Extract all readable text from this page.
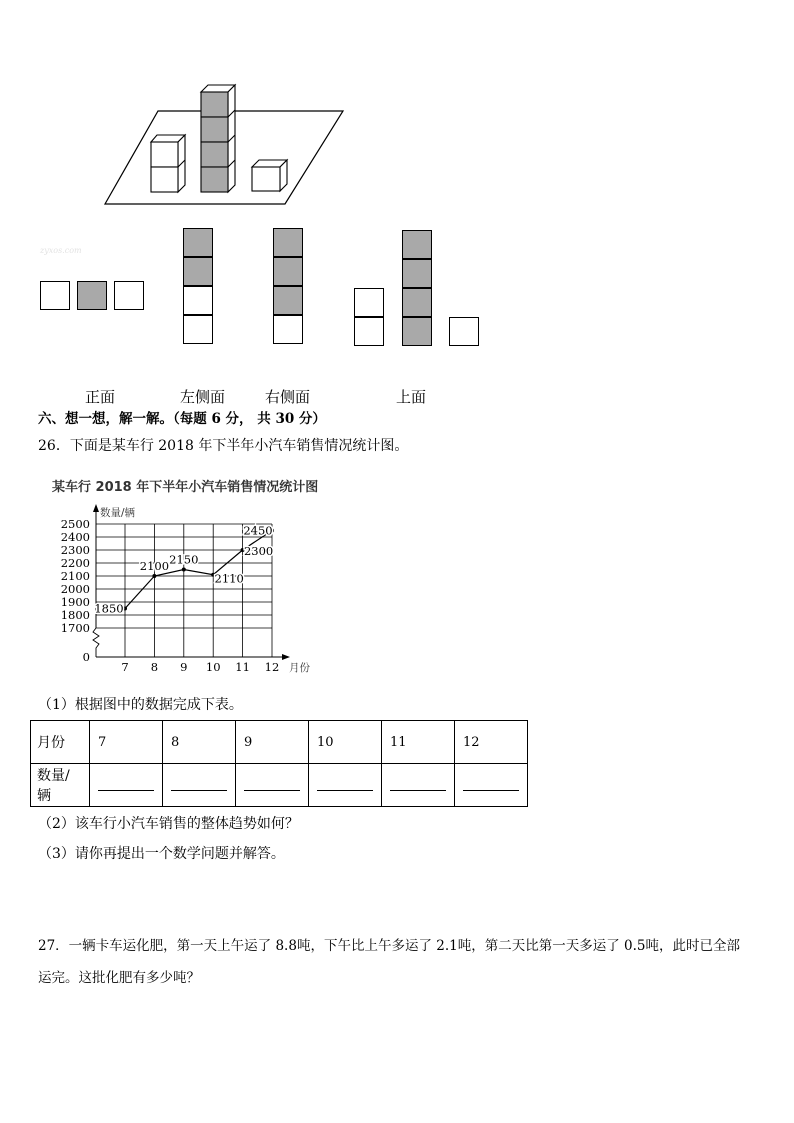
zyxos.com
正面	左侧面	右侧面	上面
六、想一想，解一解。（每题 6 分， 共 30 分）
26．下面是某车行 2018 年下半年小汽车销售情况统计图。
某车行 2018 年下半年小汽车销售情况统计图
2500
2400
2300
2200
2100
2000
1900
1800
1700
0
数量/辆
7 8 9 10 11 12 月份
1850
2100 2150
2110
2300
2450
（1）根据图中的数据完成下表。
月份	7	8	9	10	11	12
数量/辆						
（2）该车行小汽车销售的整体趋势如何？
（3）请你再提出一个数学问题并解答。
27．一辆卡车运化肥，第一天上午运了 8.8吨，下午比上午多运了 2.1吨，第二天比第一天多运了 0.5吨，此时已全部
运完。这批化肥有多少吨？
